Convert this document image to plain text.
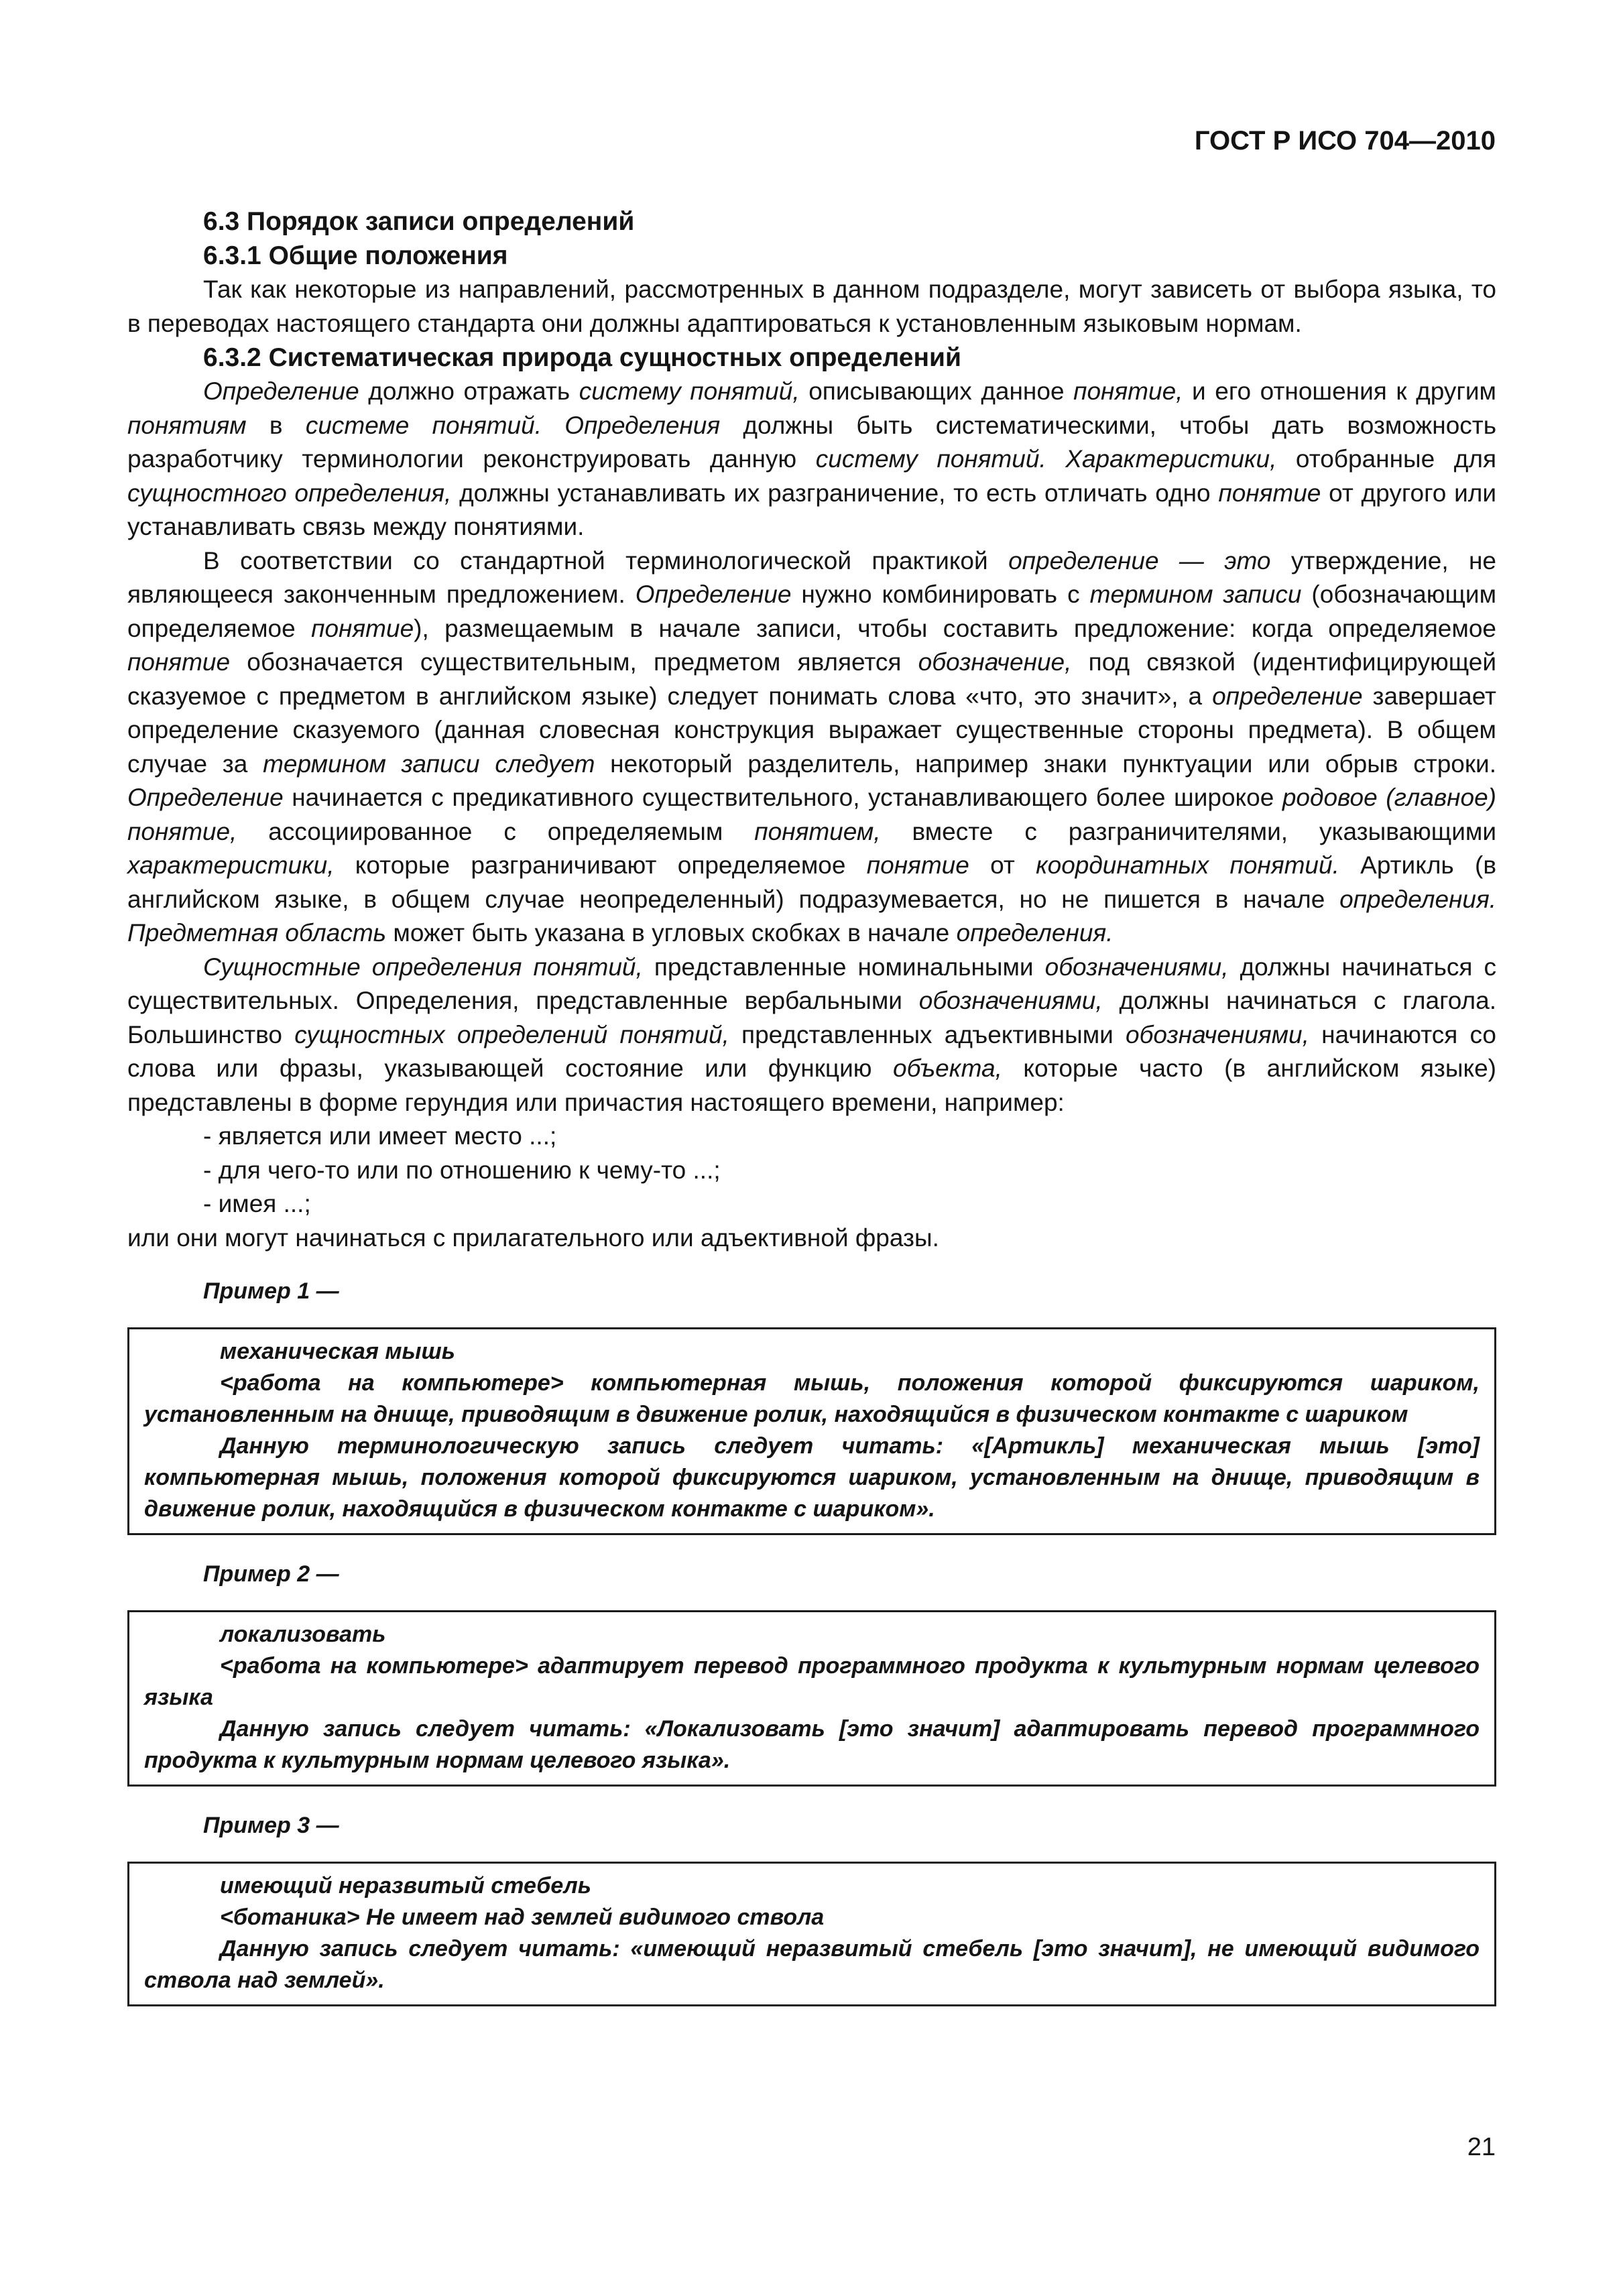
ГОСТ Р ИСО 704—2010

6.3 Порядок записи определений

6.3.1 Общие положения

Так как некоторые из направлений, рассмотренных в данном подразделе, могут зависеть от выбора языка, то в переводах настоящего стандарта они должны адаптироваться к установленным языковым нормам.

6.3.2 Систематическая природа сущностных определений

Определение должно отражать систему понятий, описывающих данное понятие, и его отношения к другим понятиям в системе понятий. Определения должны быть систематическими, чтобы дать возможность разработчику терминологии реконструировать данную систему понятий. Характеристики, отобранные для сущностного определения, должны устанавливать их разграничение, то есть отличать одно понятие от другого или устанавливать связь между понятиями.

В соответствии со стандартной терминологической практикой определение — это утверждение, не являющееся законченным предложением. Определение нужно комбинировать с термином записи (обозначающим определяемое понятие), размещаемым в начале записи, чтобы составить предложение: когда определяемое понятие обозначается существительным, предметом является обозначение, под связкой (идентифицирующей сказуемое с предметом в английском языке) следует понимать слова «что, это значит», а определение завершает определение сказуемого (данная словесная конструкция выражает существенные стороны предмета). В общем случае за термином записи следует некоторый разделитель, например знаки пунктуации или обрыв строки. Определение начинается с предикативного существительного, устанавливающего более широкое родовое (главное) понятие, ассоциированное с определяемым понятием, вместе с разграничителями, указывающими характеристики, которые разграничивают определяемое понятие от координатных понятий. Артикль (в английском языке, в общем случае неопределенный) подразумевается, но не пишется в начале определения. Предметная область может быть указана в угловых скобках в начале определения.

Сущностные определения понятий, представленные номинальными обозначениями, должны начинаться с существительных. Определения, представленные вербальными обозначениями, должны начинаться с глагола. Большинство сущностных определений понятий, представленных адъективными обозначениями, начинаются со слова или фразы, указывающей состояние или функцию объекта, которые часто (в английском языке) представлены в форме герундия или причастия настоящего времени, например:

- является или имеет место ...;

- для чего-то или по отношению к чему-то ...;

- имея ...;

или они могут начинаться с прилагательного или адъективной фразы.

Пример 1 —

механическая мышь

<работа на компьютере> компьютерная мышь, положения которой фиксируются шариком, установленным на днище, приводящим в движение ролик, находящийся в физическом контакте с шариком

Данную терминологическую запись следует читать: «[Артикль] механическая мышь [это] компьютерная мышь, положения которой фиксируются шариком, установленным на днище, приводящим в движение ролик, находящийся в физическом контакте с шариком».

Пример 2 —

локализовать

<работа на компьютере> адаптирует перевод программного продукта к культурным нормам целевого языка

Данную запись следует читать: «Локализовать [это значит] адаптировать перевод программного продукта к культурным нормам целевого языка».

Пример 3 —

имеющий неразвитый стебель

<ботаника> Не имеет над землей видимого ствола

Данную запись следует читать: «имеющий неразвитый стебель [это значит], не имеющий видимого ствола над землей».

21
